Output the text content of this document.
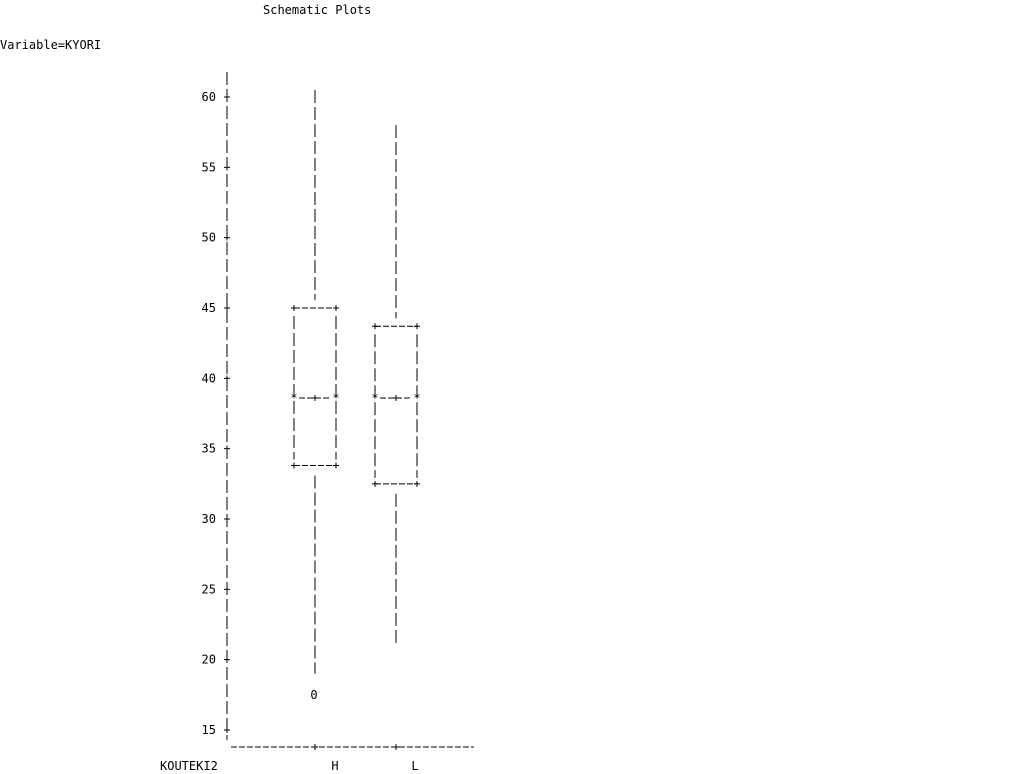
Schematic Plots
Variable=KYORI
KOUTEKI2
15
20
25
30
35
40
45
50
55
60
H
*	*
0
L
*	*
